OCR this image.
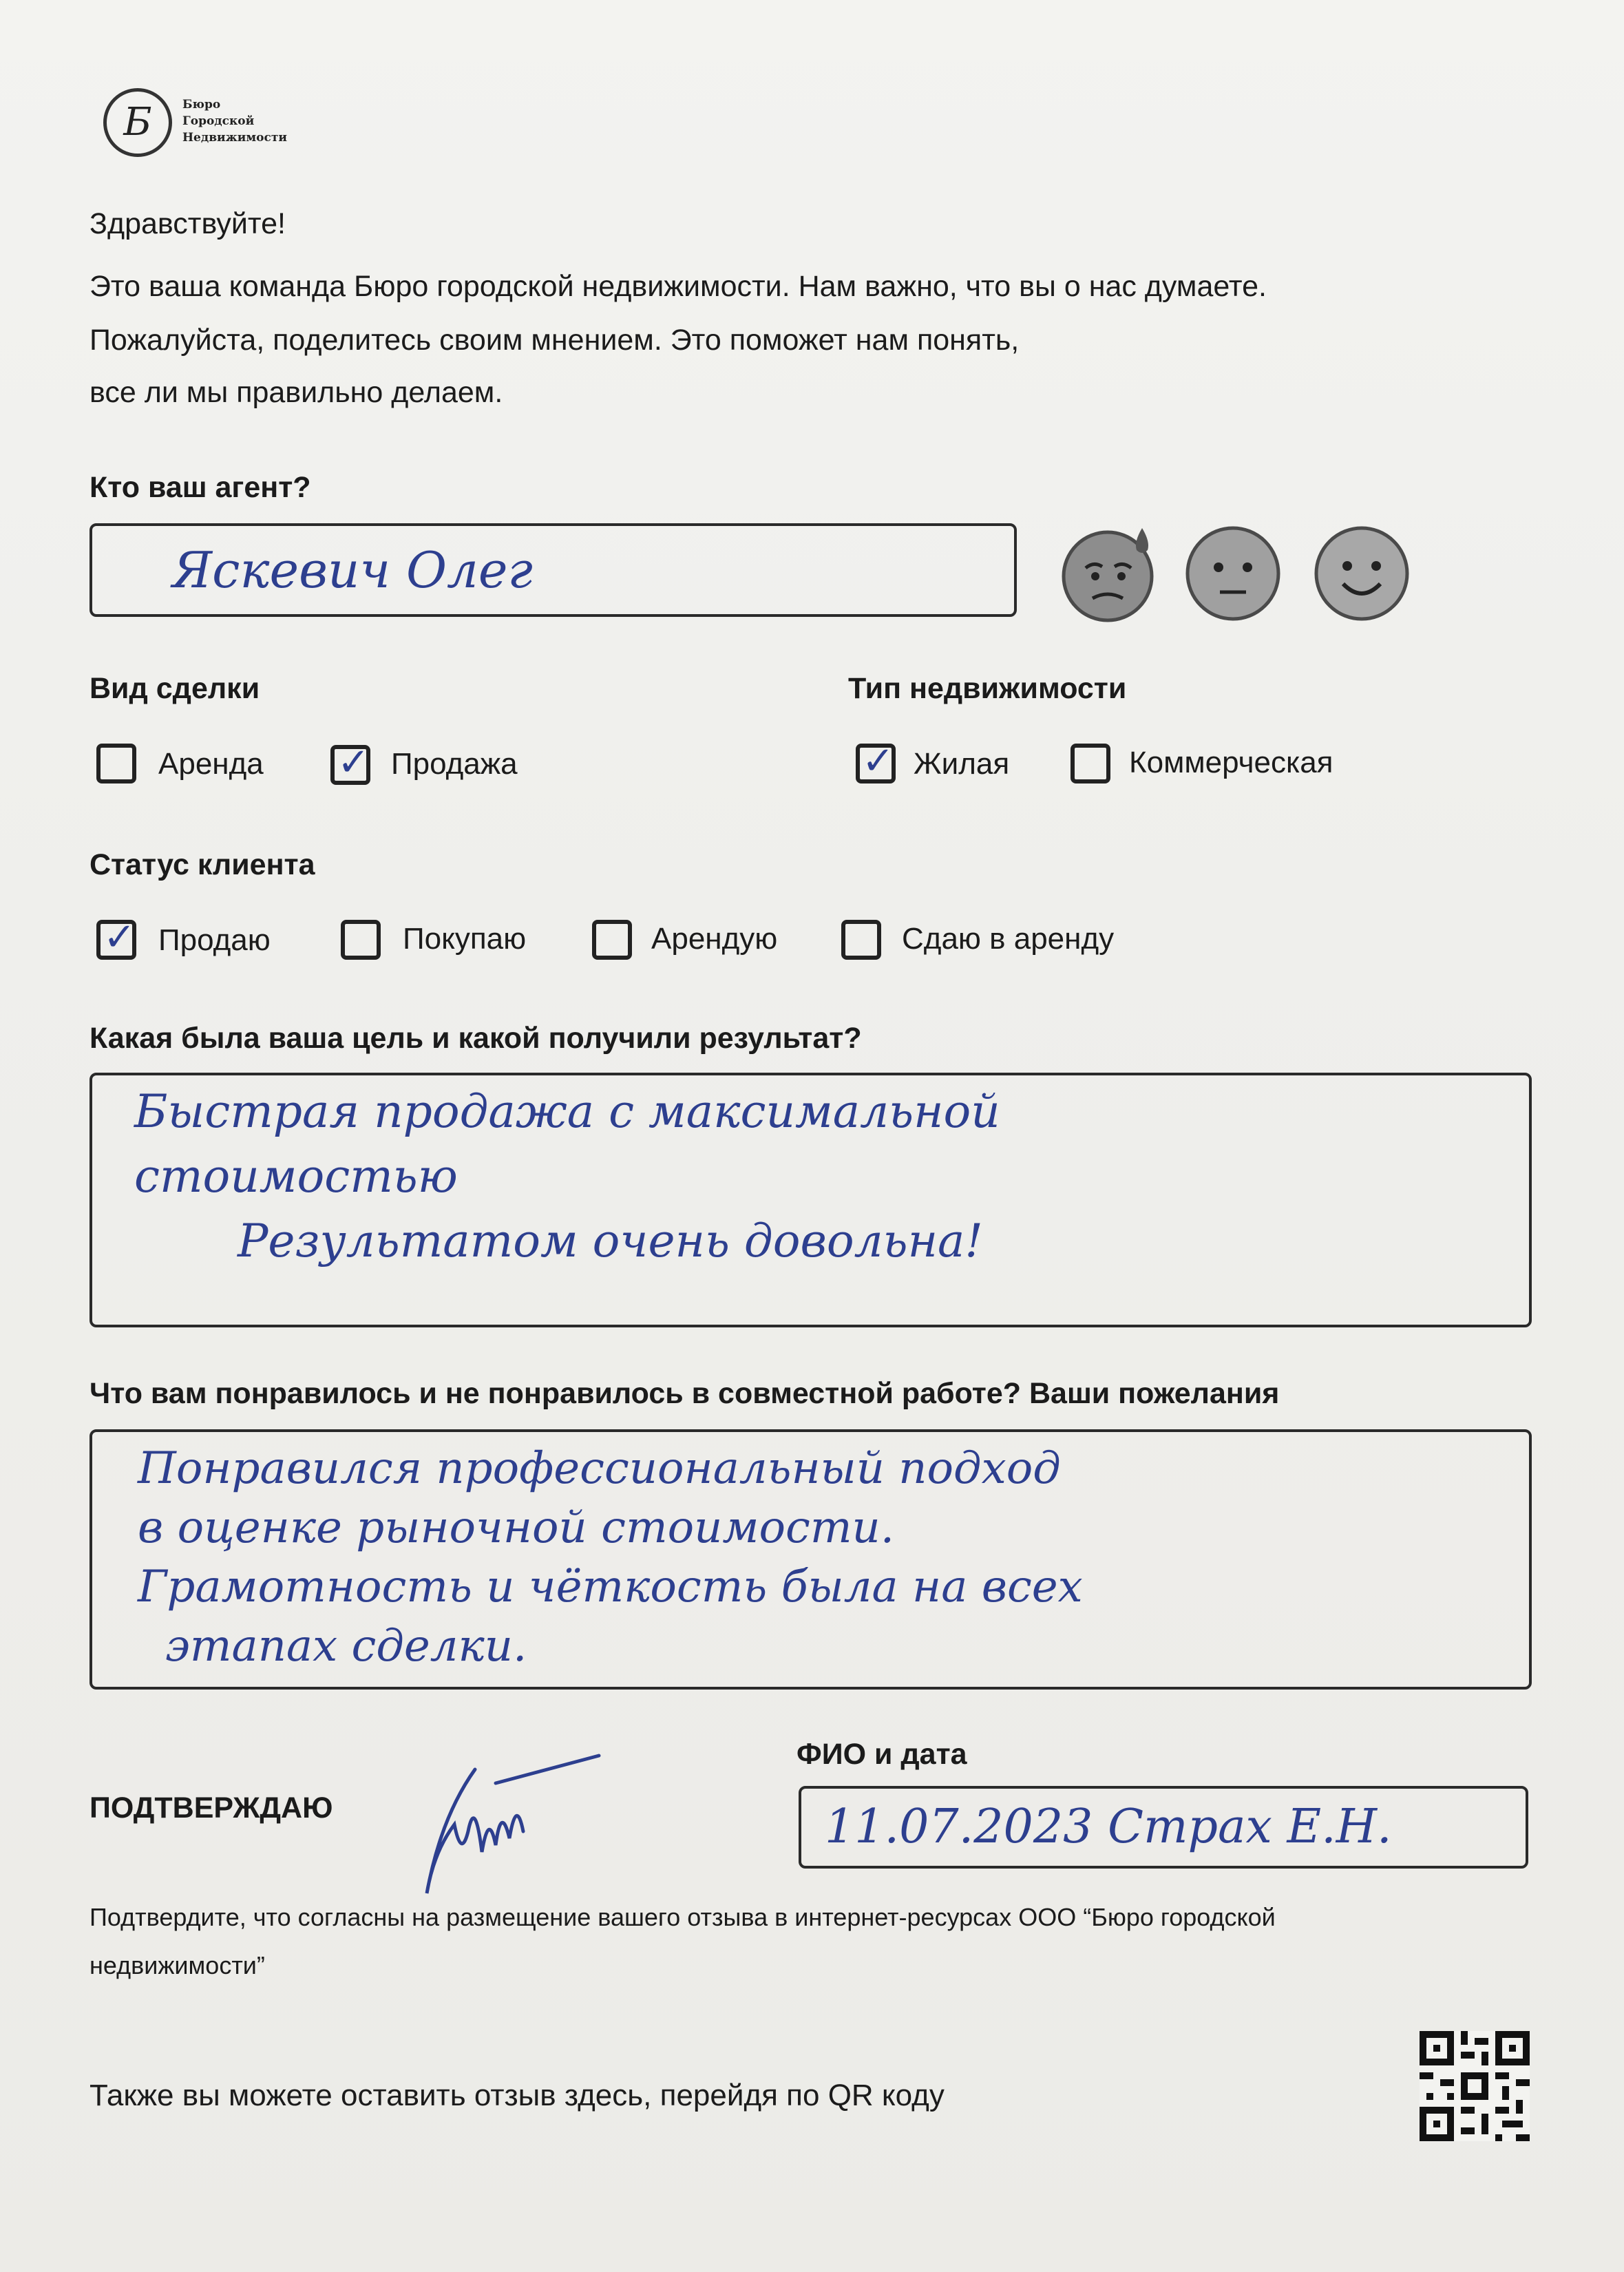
Б	Бюро
Городской
Недвижимости
Здравствуйте!
Это ваша команда Бюро городской недвижимости. Нам важно, что вы о нас думаете.
Пожалуйста, поделитесь своим мнением. Это поможет нам понять,
все ли мы правильно делаем.
Кто ваш агент?
Яскевич Олег
Вид сделки
Аренда ✓ Продажа
Тип недвижимости
✓ Жилая	Коммерческая
Статус клиента
✓ Продаю	Покупаю	Арендую	Сдаю в аренду
Какая была ваша цель и какой получили результат?
Быстрая продажа с максимальной
стоимостью
Результатом очень довольна!
Что вам понравилось и не понравилось в совместной работе? Ваши пожелания
Понравился профессиональный подход
в оценке рыночной стоимости.
Грамотность и чёткость была на всех
этапах сделки.
ФИО и дата
ПОДТВЕРЖДАЮ	11.07.2023 Страх Е.Н.
Подтвердите, что согласны на размещение вашего отзыва в интернет-ресурсах ООО “Бюро городской
недвижимости”
Также вы можете оставить отзыв здесь, перейдя по QR коду
